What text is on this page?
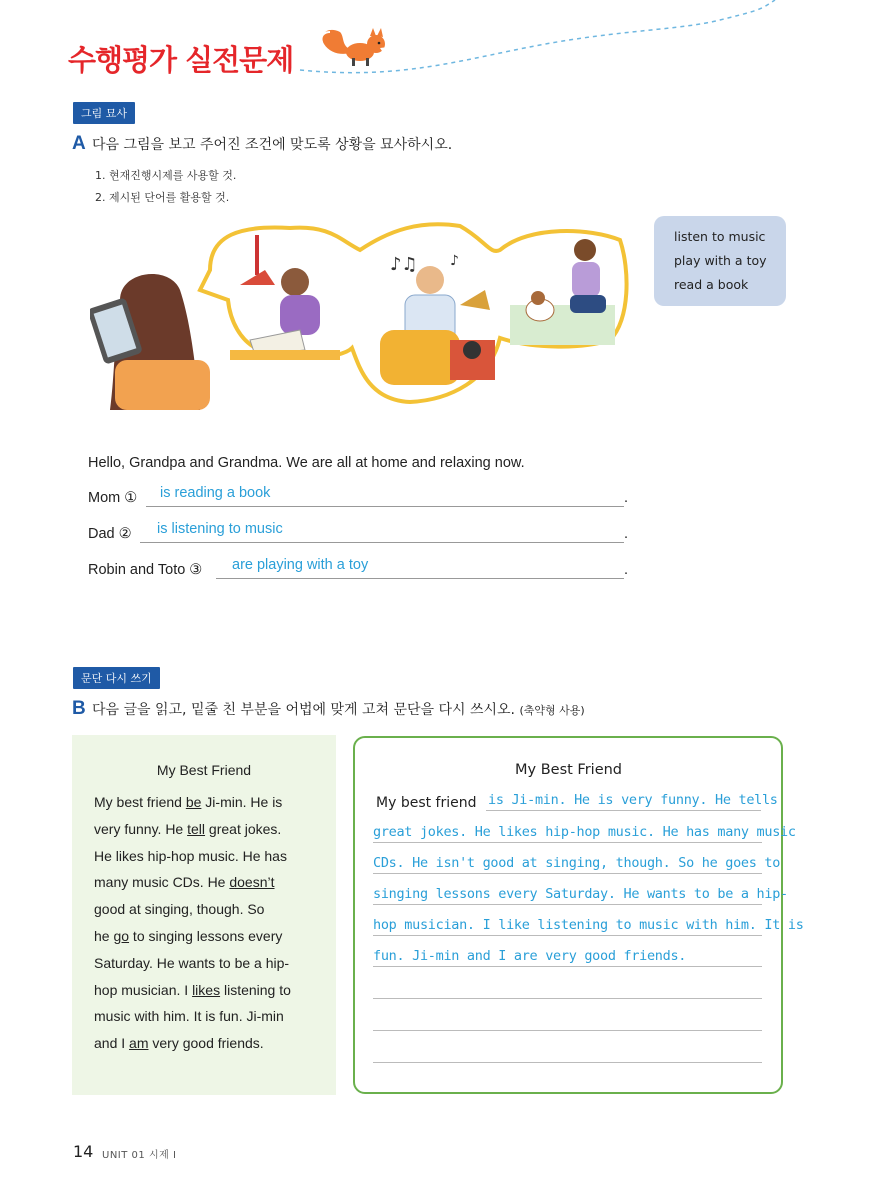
수행평가 실전문제
그림 묘사
A 다음 그림을 보고 주어진 조건에 맞도록 상황을 묘사하시오.
1. 현재진행시제를 사용할 것.
2. 제시된 단어를 활용할 것.
♪♫ ♪
listen to music
play with a toy
read a book
Hello, Grandpa and Grandma. We are all at home and relaxing now.
Mom ① is reading a book	.
Dad ② is listening to music	.
Robin and Toto ③ are playing with a toy	.
문단 다시 쓰기
B 다음 글을 읽고, 밑줄 친 부분을 어법에 맞게 고쳐 문단을 다시 쓰시오. (축약형 사용)
My Best Friend
My best friend be Ji-min. He is
very funny. He tell great jokes.
He likes hip-hop music. He has
many music CDs. He doesn’t
good at singing, though. So
he go to singing lessons every
Saturday. He wants to be a hip-
hop musician. I likes listening to
music with him. It is fun. Ji-min
and I am very good friends.
My Best Friend
My best friend is Ji-min. He is very funny. He tells
great jokes. He likes hip-hop music. He has many music
CDs. He isn't good at singing, though. So he goes to
singing lessons every Saturday. He wants to be a hip-
hop musician. I like listening to music with him. It is
fun. Ji-min and I are very good friends.
14 UNIT 01 시제 I
